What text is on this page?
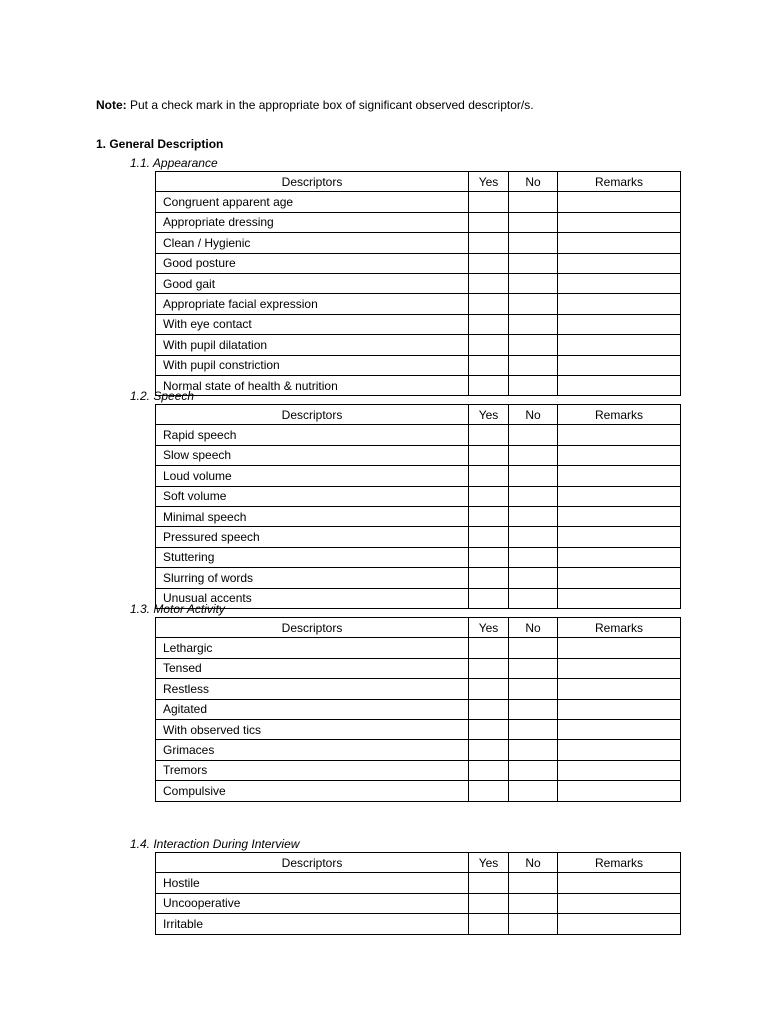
Note: Put a check mark in the appropriate box of significant observed descriptor/s.
1. General Description
1.1. Appearance
Descriptors	Yes	No	Remarks
Congruent apparent age			
Appropriate dressing			
Clean / Hygienic			
Good posture			
Good gait			
Appropriate facial expression			
With eye contact			
With pupil dilatation			
With pupil constriction			
Normal state of health & nutrition			
1.2. Speech
Descriptors	Yes	No	Remarks
Rapid speech			
Slow speech			
Loud volume			
Soft volume			
Minimal speech			
Pressured speech			
Stuttering			
Slurring of words			
Unusual accents			
1.3. Motor Activity
Descriptors	Yes	No	Remarks
Lethargic			
Tensed			
Restless			
Agitated			
With observed tics			
Grimaces			
Tremors			
Compulsive			
1.4. Interaction During Interview
Descriptors	Yes	No	Remarks
Hostile			
Uncooperative			
Irritable			
